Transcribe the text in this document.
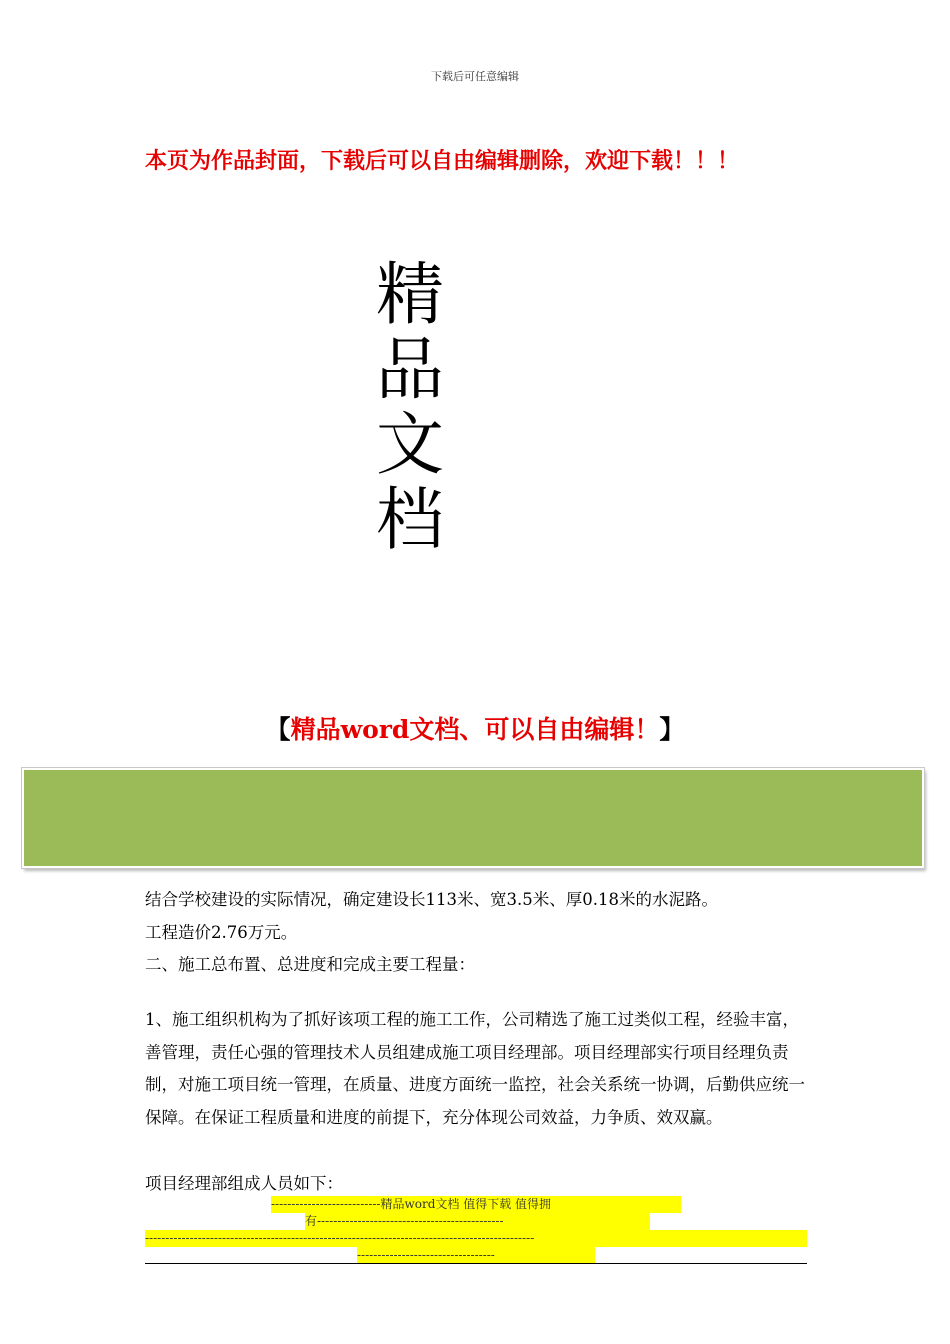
下载后可任意编辑
本页为作品封面，下载后可以自由编辑删除，欢迎下载！！！
精
品
文
档
【精品word文档、可以自由编辑！】

结合学校建设的实际情况，确定建设长113米、宽3.5米、厚0.18米的水泥路。

工程造价2.76万元。

二、施工总布置、总进度和完成主要工程量：

1、施工组织机构为了抓好该项工程的施工工作，公司精选了施工过类似工程，经验丰富，善管理，责任心强的管理技术人员组建成施工项目经理部。项目经理部实行项目经理负责制，对施工项目统一管理，在质量、进度方面统一监控，社会关系统一协调，后勤供应统一保障。在保证工程质量和进度的前提下，充分体现公司效益，力争质、效双赢。

项目经理部组成人员如下：

---------------------------精品word文档 值得下载 值得拥
有----------------------------------------------
------------------------------------------------------------------------------------------------
----------------------------------
